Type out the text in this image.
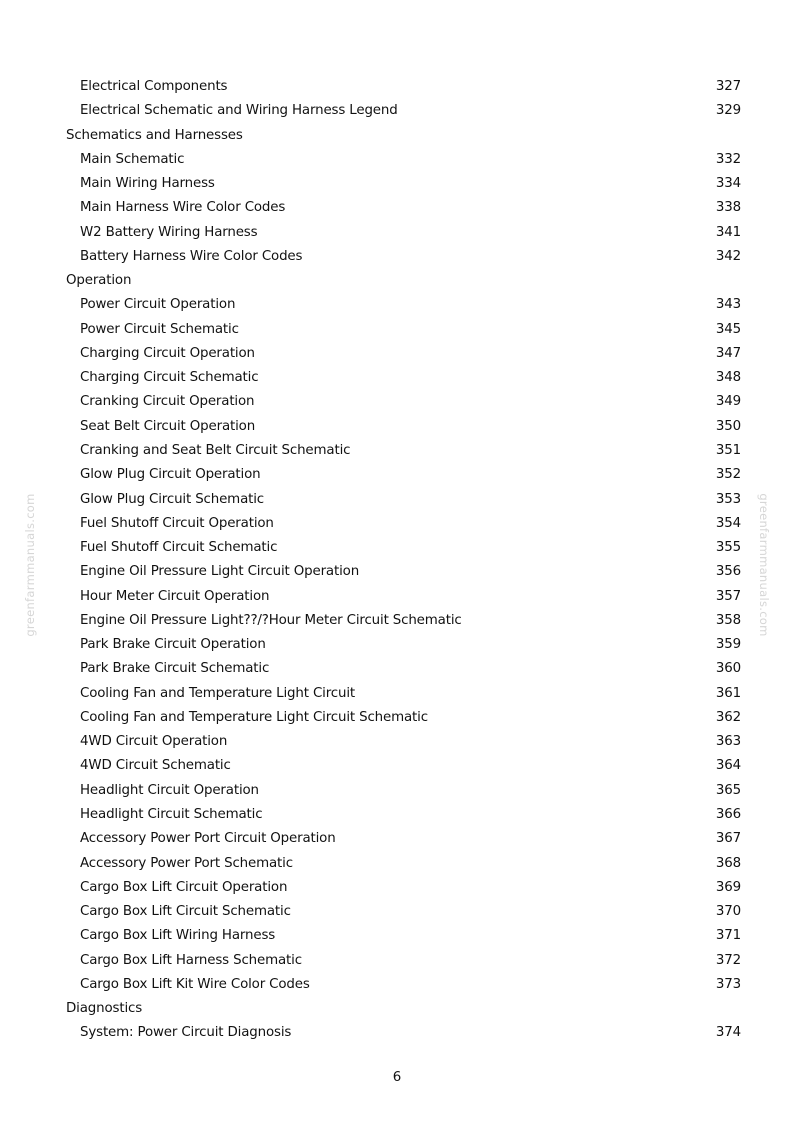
greenfarmmanuals.com	greenfarmmanuals.com
Electrical Components	327
Electrical Schematic and Wiring Harness Legend	329
Schematics and Harnesses
Main Schematic	332
Main Wiring Harness	334
Main Harness Wire Color Codes	338
W2 Battery Wiring Harness	341
Battery Harness Wire Color Codes	342
Operation
Power Circuit Operation	343
Power Circuit Schematic	345
Charging Circuit Operation	347
Charging Circuit Schematic	348
Cranking Circuit Operation	349
Seat Belt Circuit Operation	350
Cranking and Seat Belt Circuit Schematic	351
Glow Plug Circuit Operation	352
Glow Plug Circuit Schematic	353
Fuel Shutoff Circuit Operation	354
Fuel Shutoff Circuit Schematic	355
Engine Oil Pressure Light Circuit Operation	356
Hour Meter Circuit Operation	357
Engine Oil Pressure Light??/?Hour Meter Circuit Schematic	358
Park Brake Circuit Operation	359
Park Brake Circuit Schematic	360
Cooling Fan and Temperature Light Circuit	361
Cooling Fan and Temperature Light Circuit Schematic	362
4WD Circuit Operation	363
4WD Circuit Schematic	364
Headlight Circuit Operation	365
Headlight Circuit Schematic	366
Accessory Power Port Circuit Operation	367
Accessory Power Port Schematic	368
Cargo Box Lift Circuit Operation	369
Cargo Box Lift Circuit Schematic	370
Cargo Box Lift Wiring Harness	371
Cargo Box Lift Harness Schematic	372
Cargo Box Lift Kit Wire Color Codes	373
Diagnostics
System: Power Circuit Diagnosis	374
6
